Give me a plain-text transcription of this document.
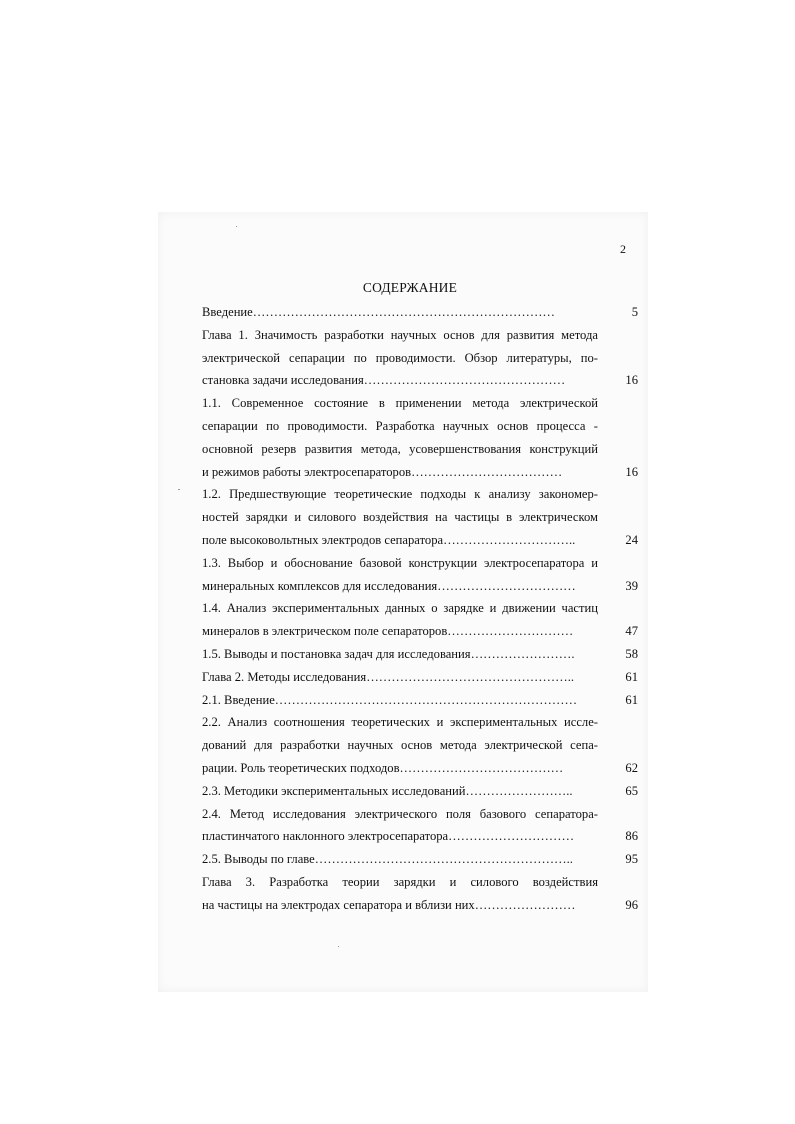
2
СОДЕРЖАНИЕ
Введение………………………………………………………………	5
Глава 1. Значимость разработки научных основ для развития метода
электрической сепарации по проводимости. Обзор литературы, по-
становка задачи исследования…………………………………………	16
1.1. Современное состояние в применении метода электрической
сепарации по проводимости. Разработка научных основ процесса -
основной резерв развития метода, усовершенствования конструкций
и режимов работы электросепараторов………………………………	16
1.2. Предшествующие теоретические подходы к анализу закономер-
ностей зарядки и силового воздействия на частицы в электрическом
поле высоковольтных электродов сепаратора…………………………..	24
1.3. Выбор и обоснование базовой конструкции электросепаратора и
минеральных комплексов для исследования……………………………	39
1.4. Анализ экспериментальных данных о зарядке и движении частиц
минералов в электрическом поле сепараторов…………………………	47
1.5. Выводы и постановка задач для исследования…………………….	58
Глава 2. Методы исследования…………………………………………..	61
2.1. Введение………………………………………………………………	61
2.2. Анализ соотношения теоретических и экспериментальных иссле-
дований для разработки научных основ метода электрической сепа-
рации. Роль теоретических подходов…………………………………	62
2.3. Методики экспериментальных исследований……………………..	65
2.4. Метод исследования электрического поля базового сепаратора-
пластинчатого наклонного электросепаратора…………………………	86
2.5. Выводы по главе……………………………………………………..	95
Глава 3. Разработка теории зарядки и силового воздействия
на частицы на электродах сепаратора и вблизи них……………………	96
